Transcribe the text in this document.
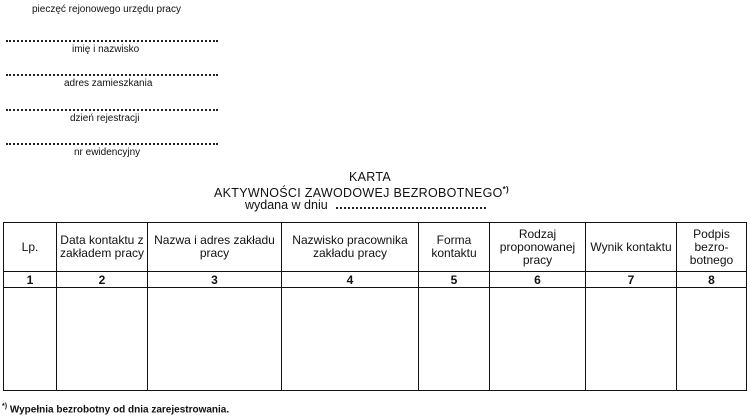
pieczęć rejonowego urzędu pracy
imię i nazwisko
adres zamieszkania
dzień rejestracji
nr ewidencyjny
KARTA
AKTYWNOŚCI ZAWODOWEJ BEZROBOTNEGO*)
wydana w dniu
Lp.	Data kontaktu z zakładem pracy	Nazwa i adres zakładu pracy	Nazwisko pracownika zakładu pracy	Forma kontaktu	Rodzaj proponowanej pracy	Wynik kontaktu	Podpis bezro-botnego
1	2	3	4	5	6	7	8

*) Wypełnia bezrobotny od dnia zarejestrowania.
